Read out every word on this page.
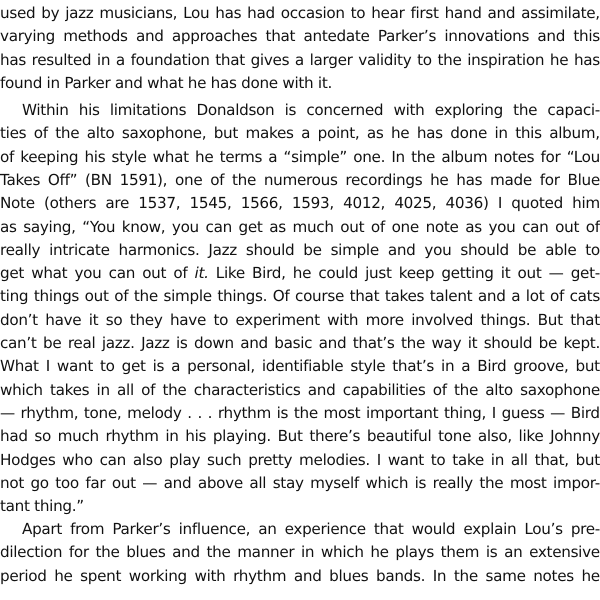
used by jazz musicians, Lou has had occasion to hear first hand and assimilate,
varying methods and approaches that antedate Parker’s innovations and this
has resulted in a foundation that gives a larger validity to the inspiration he has
found in Parker and what he has done with it.
Within his limitations Donaldson is concerned with exploring the capaci-
ties of the alto saxophone, but makes a point, as he has done in this album,
of keeping his style what he terms a “simple” one. In the album notes for “Lou
Takes Off” (BN 1591), one of the numerous recordings he has made for Blue
Note (others are 1537, 1545, 1566, 1593, 4012, 4025, 4036) I quoted him
as saying, “You know, you can get as much out of one note as you can out of
really intricate harmonics. Jazz should be simple and you should be able to
get what you can out of it. Like Bird, he could just keep getting it out — get-
ting things out of the simple things. Of course that takes talent and a lot of cats
don’t have it so they have to experiment with more involved things. But that
can’t be real jazz. Jazz is down and basic and that’s the way it should be kept.
What I want to get is a personal, identifiable style that’s in a Bird groove, but
which takes in all of the characteristics and capabilities of the alto saxophone
— rhythm, tone, melody . . . rhythm is the most important thing, I guess — Bird
had so much rhythm in his playing. But there’s beautiful tone also, like Johnny
Hodges who can also play such pretty melodies. I want to take in all that, but
not go too far out — and above all stay myself which is really the most impor-
tant thing.”
Apart from Parker’s influence, an experience that would explain Lou’s pre-
dilection for the blues and the manner in which he plays them is an extensive
period he spent working with rhythm and blues bands. In the same notes he
